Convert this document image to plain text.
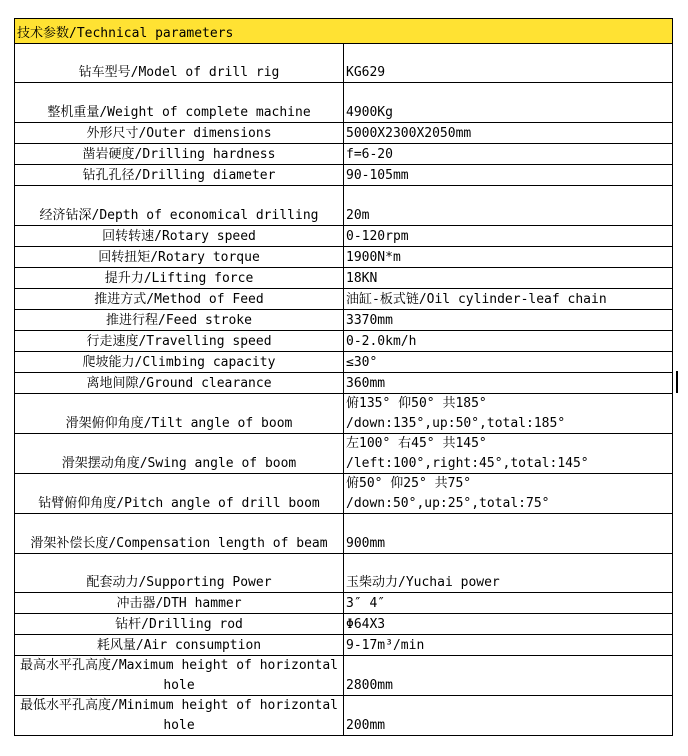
技术参数/Technical parameters	
钻车型号/Model of drill rig	KG629
整机重量/Weight of complete machine	4900Kg
外形尺寸/Outer dimensions	5000X2300X2050mm
凿岩硬度/Drilling hardness	f=6-20
钻孔孔径/Drilling diameter	90-105mm
经济钻深/Depth of economical drilling	20m
回转转速/Rotary speed	0-120rpm
回转扭矩/Rotary torque	1900N*m
提升力/Lifting force	18KN
推进方式/Method of Feed	油缸-板式链/Oil cylinder-leaf chain
推进行程/Feed stroke	3370mm
行走速度/Travelling speed	0-2.0km/h
爬坡能力/Climbing capacity	≤30°
离地间隙/Ground clearance	360mm
滑架俯仰角度/Tilt angle of boom	俯135° 仰50° 共185° /down:135°,up:50°,total:185°
滑架摆动角度/Swing angle of boom	左100° 右45° 共145° /left:100°,right:45°,total:145°
钻臂俯仰角度/Pitch angle of drill boom	俯50° 仰25° 共75° /down:50°,up:25°,total:75°
滑架补偿长度/Compensation length of beam	900mm
配套动力/Supporting Power	玉柴动力/Yuchai power
冲击器/DTH hammer	3″ 4″
钻杆/Drilling rod	Φ64X3
耗风量/Air consumption	9-17m³/min
最高水平孔高度/Maximum height of horizontal hole	2800mm
最低水平孔高度/Minimum height of horizontal hole	200mm
